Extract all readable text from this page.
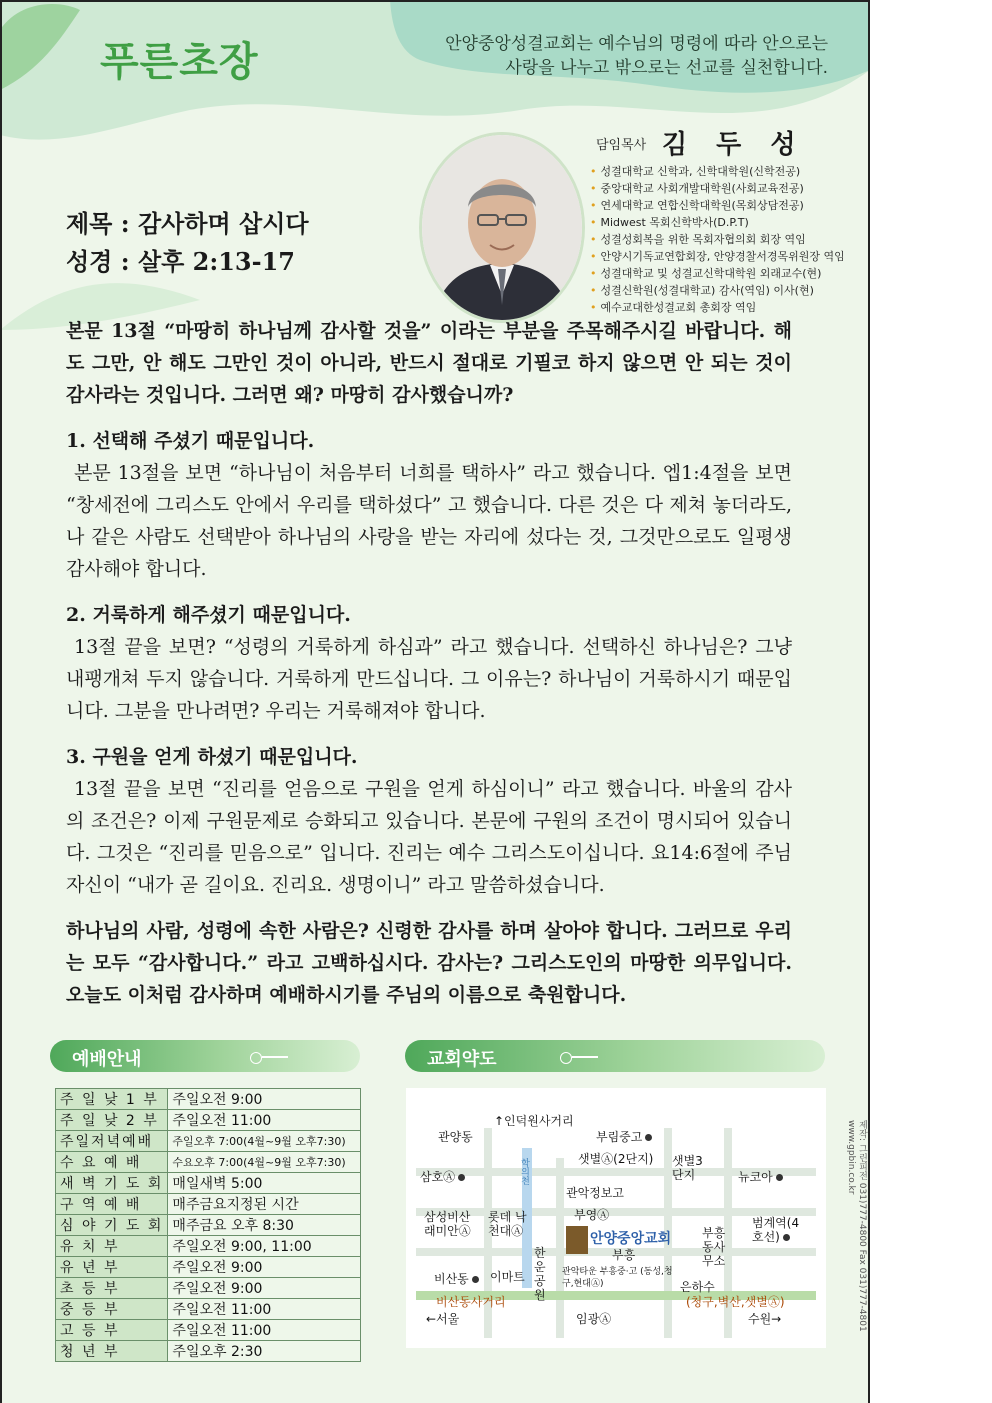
푸른초장	안양중앙성결교회는 예수님의 명령에 따라 안으로는
사랑을 나누고 밖으로는 선교를 실천합니다.
담임목사 김 두 성
• 성결대학교 신학과, 신학대학원(신학전공)
• 중앙대학교 사회개발대학원(사회교육전공)
• 연세대학교 연합신학대학원(목회상담전공)
• Midwest 목회신학박사(D.P.T)
• 성결성회복을 위한 목회자협의회 회장 역임
• 안양시기독교연합회장, 안양경찰서경목위원장 역임
• 성결대학교 및 성결교신학대학원 외래교수(현)
• 성결신학원(성결대학교) 감사(역임) 이사(현)
• 예수교대한성결교회 총회장 역임
제목 : 감사하며 삽시다
성경 : 살후 2:13-17

본문 13절 “마땅히 하나님께 감사할 것을” 이라는 부분을 주목해주시길 바랍니다. 해도 그만, 안 해도 그만인 것이 아니라, 반드시 절대로 기필코 하지 않으면 안 되는 것이 감사라는 것입니다. 그러면 왜? 마땅히 감사했습니까?

1. 선택해 주셨기 때문입니다.

본문 13절을 보면 “하나님이 처음부터 너희를 택하사” 라고 했습니다. 엡1:4절을 보면 “창세전에 그리스도 안에서 우리를 택하셨다” 고 했습니다. 다른 것은 다 제쳐 놓더라도, 나 같은 사람도 선택받아 하나님의 사랑을 받는 자리에 섰다는 것, 그것만으로도 일평생 감사해야 합니다.

2. 거룩하게 해주셨기 때문입니다.

13절 끝을 보면? “성령의 거룩하게 하심과” 라고 했습니다. 선택하신 하나님은? 그냥 내팽개쳐 두지 않습니다. 거룩하게 만드십니다. 그 이유는? 하나님이 거룩하시기 때문입니다. 그분을 만나려면? 우리는 거룩해져야 합니다.

3. 구원을 얻게 하셨기 때문입니다.

13절 끝을 보면 “진리를 얻음으로 구원을 얻게 하심이니” 라고 했습니다. 바울의 감사의 조건은? 이제 구원문제로 승화되고 있습니다. 본문에 구원의 조건이 명시되어 있습니다. 그것은 “진리를 믿음으로” 입니다. 진리는 예수 그리스도이십니다. 요14:6절에 주님 자신이 “내가 곧 길이요. 진리요. 생명이니” 라고 말씀하셨습니다.

하나님의 사람, 성령에 속한 사람은? 신령한 감사를 하며 살아야 합니다. 그러므로 우리는 모두 “감사합니다.” 라고 고백하십시다. 감사는? 그리스도인의 마땅한 의무입니다. 오늘도 이처럼 감사하며 예배하시기를 주님의 이름으로 축원합니다.

예배안내
주 일 낮 1 부	주일오전 9:00
주 일 낮 2 부	주일오전 11:00
주일저녁예배	주일오후 7:00(4월~9월 오후7:30)
수 요 예 배	수요오후 7:00(4월~9월 오후7:30)
새 벽 기 도 회	매일새벽 5:00
구 역 예 배	매주금요지정된 시간
심 야 기 도 회	매주금요 오후 8:30
유 치 부	주일오전 9:00, 11:00
유 년 부	주일오전 9:00
초 등 부	주일오전 9:00
중 등 부	주일오전 11:00
고 등 부	주일오전 11:00
청 년 부	주일오후 2:30
교회약도
↑인덕원사거리
관양동	부림중고
샛별Ⓐ(2단지)
삼호Ⓐ	학의천	샛별3단지	뉴코아
관악정보고
삼성비산 래미안Ⓐ
롯데 낙천대Ⓐ
부영Ⓐ
안양중앙교회
부흥
한운공원
부흥동사무소
범계역(4호선)
비산동	이마트	관악타운 부흥중·고 (동성,청구,현대Ⓐ)	은하수
비산동사거리	(청구,벽산,샛별Ⓐ)
←서울	임광Ⓐ	수원→	제작: 그린피전 031)777-4800 Fax 031)777-4801 www.gpbin.co.kr
